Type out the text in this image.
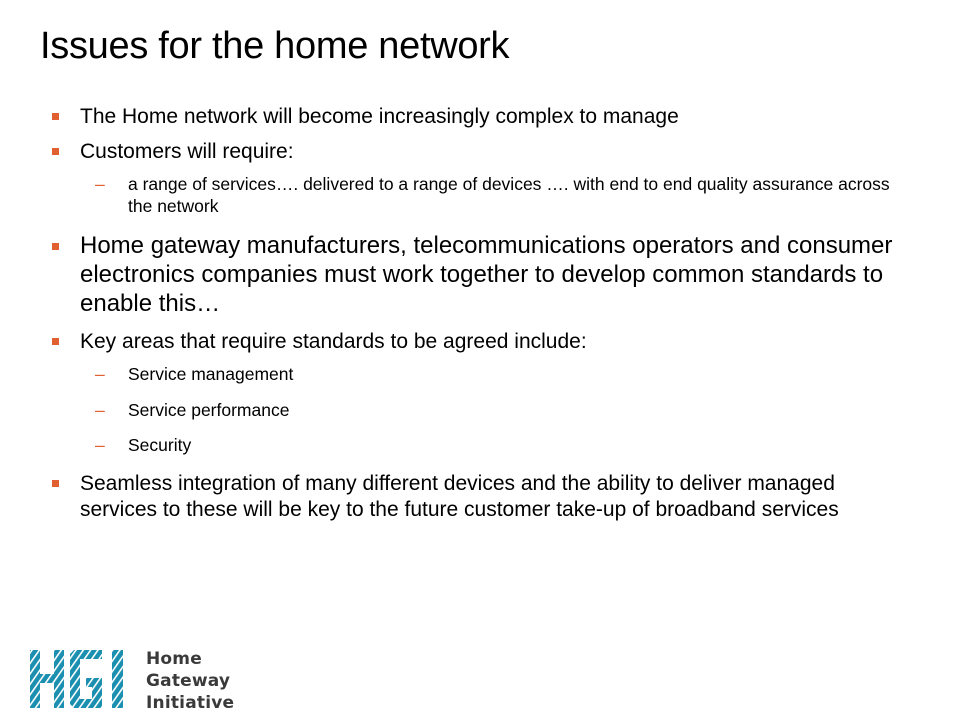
Issues for the home network
The Home network will become increasingly complex to manage
Customers will require:
– a range of services…. delivered to a range of devices …. with end to end quality assurance across the network
Home gateway manufacturers, telecommunications operators and consumer electronics companies must work together to develop common standards to enable this…
Key areas that require standards to be agreed include:
– Service management
– Service performance
– Security
Seamless integration of many different devices and the ability to deliver managed services to these will be key to the future customer take-up of broadband services
Home
Gateway
Initiative
